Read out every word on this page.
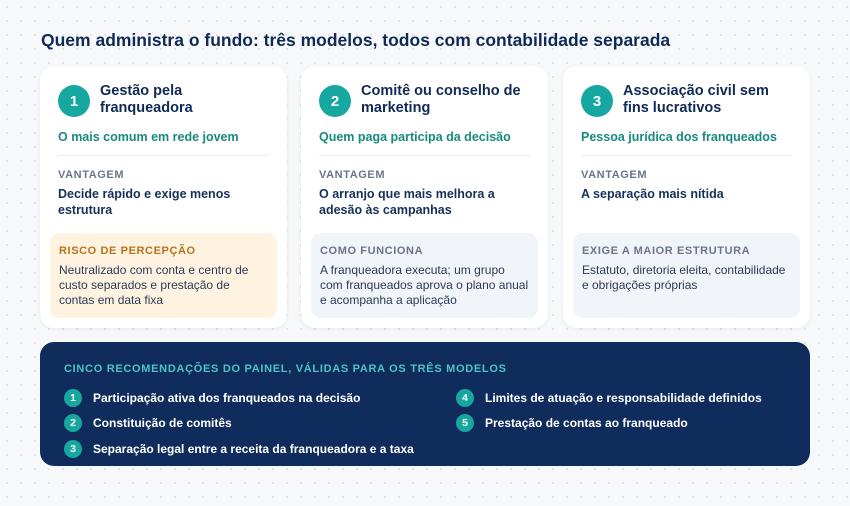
Quem administra o fundo: três modelos, todos com contabilidade separada
1
Gestão pela franqueadora
O mais comum em rede jovem
VANTAGEM
Decide rápido e exige menos estrutura
RISCO DE PERCEPÇÃO
Neutralizado com conta e centro de custo separados e prestação de contas em data fixa
2
Comitê ou conselho de marketing
Quem paga participa da decisão
VANTAGEM
O arranjo que mais melhora a adesão às campanhas
COMO FUNCIONA
A franqueadora executa; um grupo com franqueados aprova o plano anual e acompanha a aplicação
3
Associação civil sem fins lucrativos
Pessoa jurídica dos franqueados
VANTAGEM
A separação mais nítida
EXIGE A MAIOR ESTRUTURA
Estatuto, diretoria eleita, contabilidade e obrigações próprias
CINCO RECOMENDAÇÕES DO PAINEL, VÁLIDAS PARA OS TRÊS MODELOS
1	Participação ativa dos franqueados na decisão
2	Constituição de comitês
3	Separação legal entre a receita da franqueadora e a taxa
4	Limites de atuação e responsabilidade definidos
5	Prestação de contas ao franqueado
